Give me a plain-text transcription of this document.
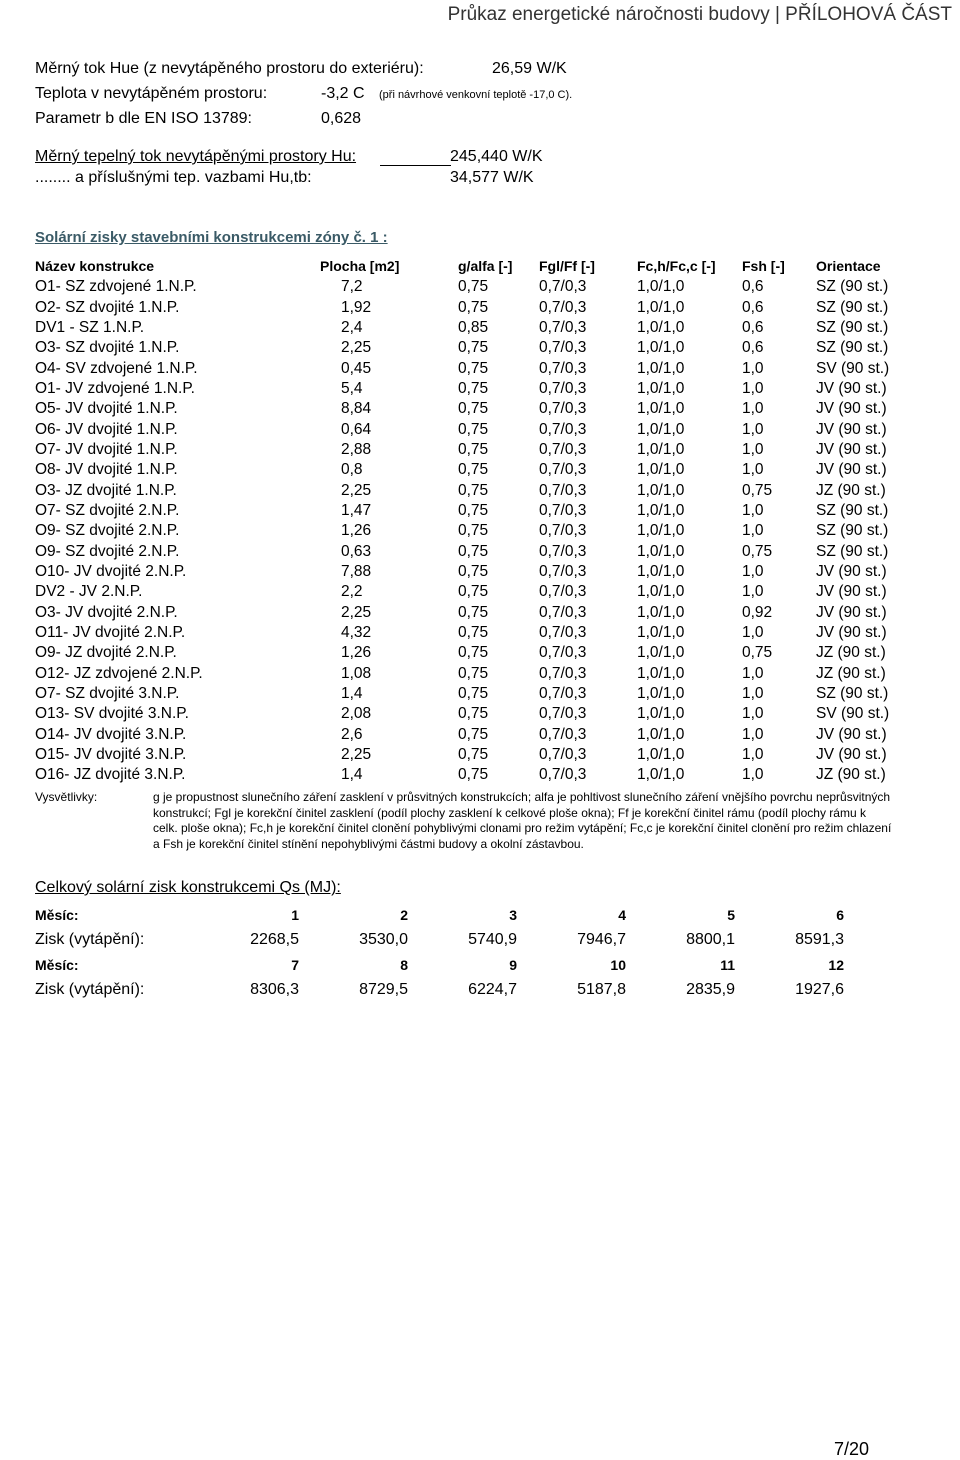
Průkaz energetické náročnosti budovy | PŘÍLOHOVÁ ČÁST
Měrný tok Hue (z nevytápěného prostoru do exteriéru):	26,59 W/K
Teplota v nevytápěném prostoru:	-3,2 C (při návrhové venkovní teplotě -17,0 C).
Parametr b dle EN ISO 13789:	0,628
Měrný tepelný tok nevytápěnými prostory Hu:	245,440 W/K
........ a příslušnými tep. vazbami Hu,tb:	34,577 W/K
Solární zisky stavebními konstrukcemi zóny č. 1 :
Název konstrukce	Plocha [m2]	g/alfa [-]	Fgl/Ff [-]	Fc,h/Fc,c [-]	Fsh [-]	Orientace
O1- SZ zdvojené 1.N.P.	7,2	0,75	0,7/0,3	1,0/1,0	0,6	SZ (90 st.)
O2- SZ dvojité 1.N.P.	1,92	0,75	0,7/0,3	1,0/1,0	0,6	SZ (90 st.)
DV1 - SZ 1.N.P.	2,4	0,85	0,7/0,3	1,0/1,0	0,6	SZ (90 st.)
O3- SZ dvojité 1.N.P.	2,25	0,75	0,7/0,3	1,0/1,0	0,6	SZ (90 st.)
O4- SV zdvojené 1.N.P.	0,45	0,75	0,7/0,3	1,0/1,0	1,0	SV (90 st.)
O1- JV zdvojené 1.N.P.	5,4	0,75	0,7/0,3	1,0/1,0	1,0	JV (90 st.)
O5- JV dvojité 1.N.P.	8,84	0,75	0,7/0,3	1,0/1,0	1,0	JV (90 st.)
O6- JV dvojité 1.N.P.	0,64	0,75	0,7/0,3	1,0/1,0	1,0	JV (90 st.)
O7- JV dvojité 1.N.P.	2,88	0,75	0,7/0,3	1,0/1,0	1,0	JV (90 st.)
O8- JV dvojité 1.N.P.	0,8	0,75	0,7/0,3	1,0/1,0	1,0	JV (90 st.)
O3- JZ dvojité 1.N.P.	2,25	0,75	0,7/0,3	1,0/1,0	0,75	JZ (90 st.)
O7- SZ dvojité 2.N.P.	1,47	0,75	0,7/0,3	1,0/1,0	1,0	SZ (90 st.)
O9- SZ dvojité 2.N.P.	1,26	0,75	0,7/0,3	1,0/1,0	1,0	SZ (90 st.)
O9- SZ dvojité 2.N.P.	0,63	0,75	0,7/0,3	1,0/1,0	0,75	SZ (90 st.)
O10- JV dvojité 2.N.P.	7,88	0,75	0,7/0,3	1,0/1,0	1,0	JV (90 st.)
DV2 - JV 2.N.P.	2,2	0,75	0,7/0,3	1,0/1,0	1,0	JV (90 st.)
O3- JV dvojité 2.N.P.	2,25	0,75	0,7/0,3	1,0/1,0	0,92	JV (90 st.)
O11- JV dvojité 2.N.P.	4,32	0,75	0,7/0,3	1,0/1,0	1,0	JV (90 st.)
O9- JZ dvojité 2.N.P.	1,26	0,75	0,7/0,3	1,0/1,0	0,75	JZ (90 st.)
O12- JZ zdvojené 2.N.P.	1,08	0,75	0,7/0,3	1,0/1,0	1,0	JZ (90 st.)
O7- SZ dvojité 3.N.P.	1,4	0,75	0,7/0,3	1,0/1,0	1,0	SZ (90 st.)
O13- SV dvojité 3.N.P.	2,08	0,75	0,7/0,3	1,0/1,0	1,0	SV (90 st.)
O14- JV dvojité 3.N.P.	2,6	0,75	0,7/0,3	1,0/1,0	1,0	JV (90 st.)
O15- JV dvojité 3.N.P.	2,25	0,75	0,7/0,3	1,0/1,0	1,0	JV (90 st.)
O16- JZ dvojité 3.N.P.	1,4	0,75	0,7/0,3	1,0/1,0	1,0	JZ (90 st.)
Vysvětlivky:	g je propustnost slunečního záření zasklení v průsvitných konstrukcích; alfa je pohltivost slunečního záření vnějšího povrchu neprůsvitných konstrukcí; Fgl je korekční činitel zasklení (podíl plochy zasklení k celkové ploše okna); Ff je korekční činitel rámu (podíl plochy rámu k celk. ploše okna); Fc,h je korekční činitel clonění pohyblivými clonami pro režim vytápění; Fc,c je korekční činitel clonění pro režim chlazení a Fsh je korekční činitel stínění nepohyblivými částmi budovy a okolní zástavbou.
Celkový solární zisk konstrukcemi Qs (MJ):
Měsíc:	1	2	3	4	5	6
Zisk (vytápění):	2268,5	3530,0	5740,9	7946,7	8800,1	8591,3
Měsíc:	7	8	9	10	11	12
Zisk (vytápění):	8306,3	8729,5	6224,7	5187,8	2835,9	1927,6
7/20
